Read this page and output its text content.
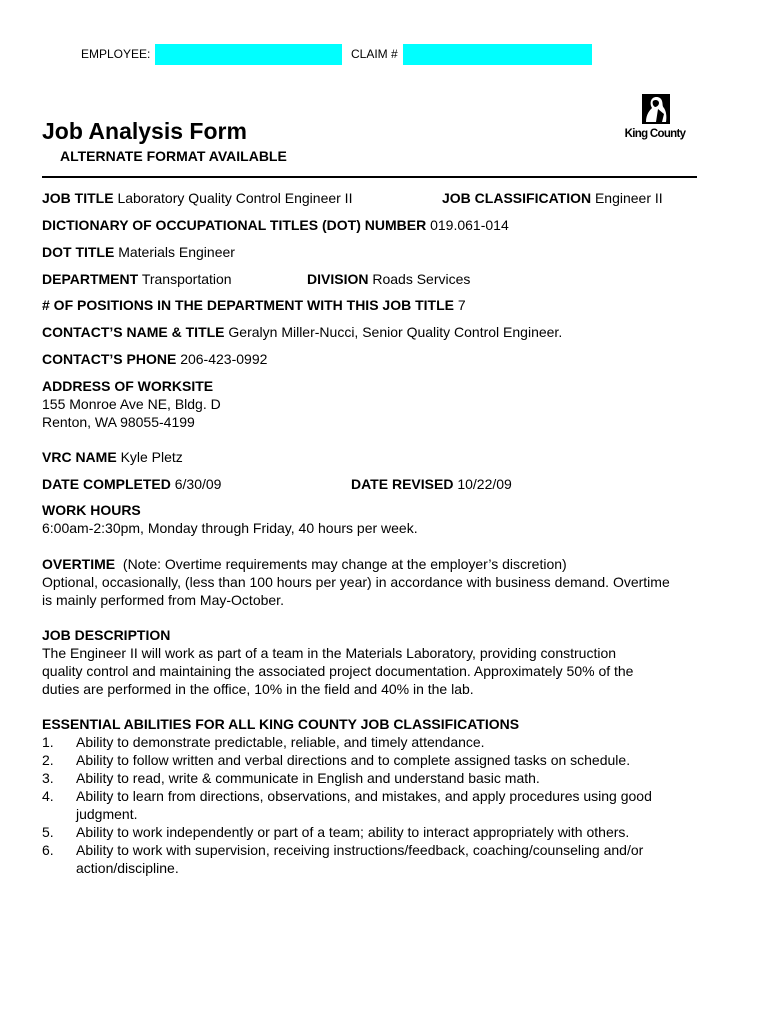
EMPLOYEE:	CLAIM #
King County
Job Analysis Form
ALTERNATE FORMAT AVAILABLE
JOB TITLE Laboratory Quality Control Engineer II	JOB CLASSIFICATION Engineer II
DICTIONARY OF OCCUPATIONAL TITLES (DOT) NUMBER 019.061-014
DOT TITLE Materials Engineer
DEPARTMENT Transportation	DIVISION Roads Services
# OF POSITIONS IN THE DEPARTMENT WITH THIS JOB TITLE 7
CONTACT’S NAME & TITLE Geralyn Miller-Nucci, Senior Quality Control Engineer.
CONTACT’S PHONE 206-423-0992
ADDRESS OF WORKSITE
155 Monroe Ave NE, Bldg. D
Renton, WA 98055-4199
VRC NAME Kyle Pletz
DATE COMPLETED 6/30/09	DATE REVISED 10/22/09
WORK HOURS
6:00am-2:30pm, Monday through Friday, 40 hours per week.
OVERTIME (Note: Overtime requirements may change at the employer’s discretion)
Optional, occasionally, (less than 100 hours per year) in accordance with business demand. Overtime
is mainly performed from May-October.
JOB DESCRIPTION
The Engineer II will work as part of a team in the Materials Laboratory, providing construction
quality control and maintaining the associated project documentation. Approximately 50% of the
duties are performed in the office, 10% in the field and 40% in the lab.
ESSENTIAL ABILITIES FOR ALL KING COUNTY JOB CLASSIFICATIONS
1.	Ability to demonstrate predictable, reliable, and timely attendance.
2.	Ability to follow written and verbal directions and to complete assigned tasks on schedule.
3.	Ability to read, write & communicate in English and understand basic math.
4.	Ability to learn from directions, observations, and mistakes, and apply procedures using good
judgment.
5.	Ability to work independently or part of a team; ability to interact appropriately with others.
6.	Ability to work with supervision, receiving instructions/feedback, coaching/counseling and/or
action/discipline.
